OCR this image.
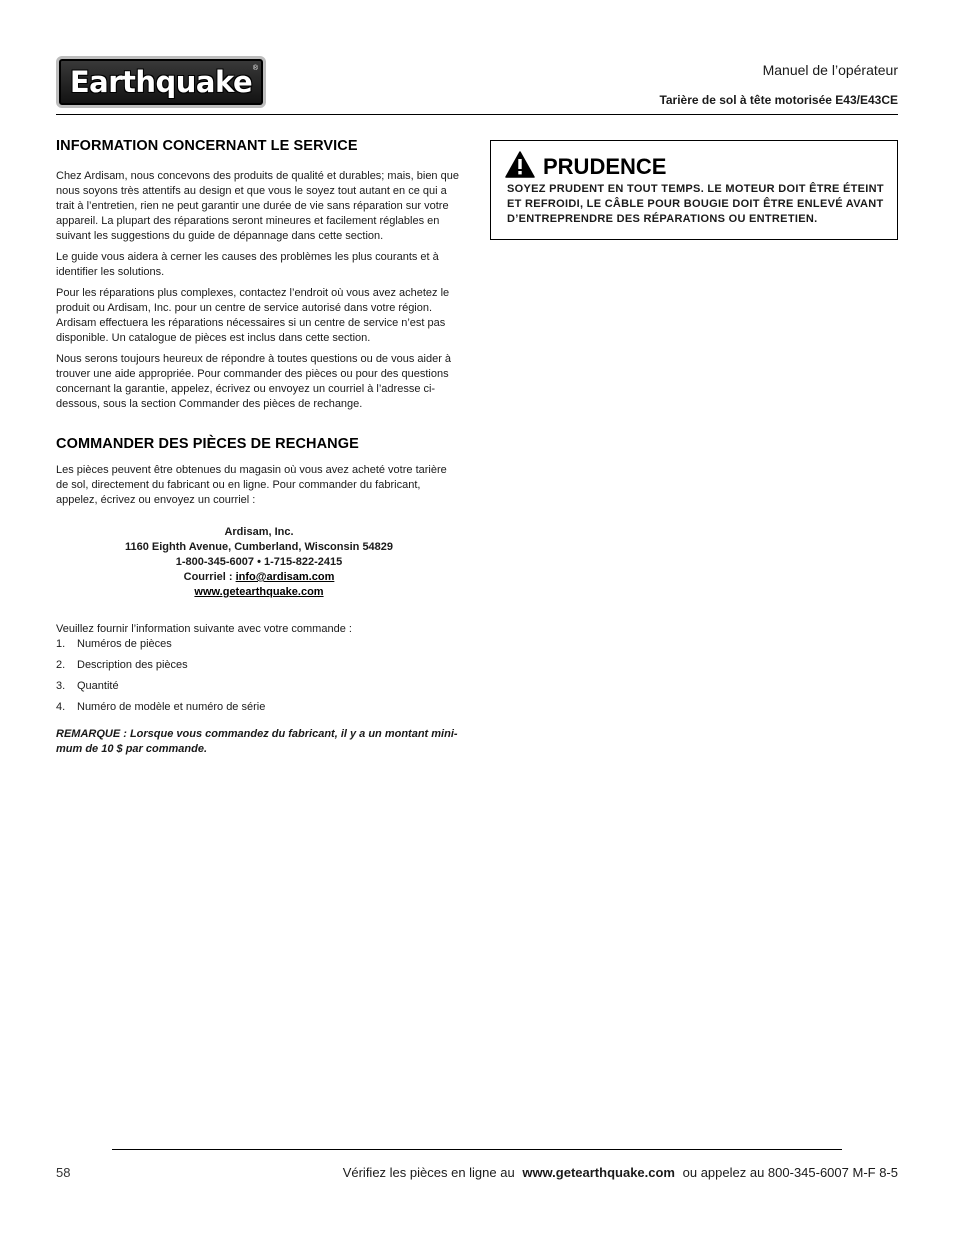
Earthquake ®	Manuel de l’opérateur
Tarière de sol à tête motorisée E43/E43CE
INFORMATION CONCERNANT LE SERVICE

Chez Ardisam, nous concevons des produits de qualité et durables; mais, bien que nous soyons très attentifs au design et que vous le soyez tout autant en ce qui a trait à l’entretien, rien ne peut garantir une durée de vie sans réparation sur votre appareil. La plupart des réparations seront mineures et facilement réglables en suivant les suggestions du guide de dépannage dans cette section.

Le guide vous aidera à cerner les causes des problèmes les plus courants et à identifier les solutions.

Pour les réparations plus complexes, contactez l’endroit où vous avez achetez le produit ou Ardisam, Inc. pour un centre de service autorisé dans votre région. Ardisam effectuera les réparations nécessaires si un centre de service n’est pas disponible. Un catalogue de pièces est inclus dans cette section.

Nous serons toujours heureux de répondre à toutes questions ou de vous aider à trouver une aide appropriée. Pour commander des pièces ou pour des questions concernant la garantie, appelez, écrivez ou envoyez un courriel à l’adresse ci-dessous, sous la section Commander des pièces de rechange.

COMMANDER DES PIÈCES DE RECHANGE

Les pièces peuvent être obtenues du magasin où vous avez acheté votre tarière de sol, directement du fabricant ou en ligne. Pour commander du fabricant, appelez, écrivez ou envoyez un courriel :

Ardisam, Inc.
1160 Eighth Avenue, Cumberland, Wisconsin 54829
1-800-345-6007 • 1-715-822-2415
Courriel : info@ardisam.com
www.getearthquake.com

Veuillez fournir l’information suivante avec votre commande :

1.	Numéros de pièces
2.	Description des pièces
3.	Quantité
4.	Numéro de modèle et numéro de série
REMARQUE : Lorsque vous commandez du fabricant, il y a un montant mini-mum de 10 $ par commande.
PRUDENCE
SOYEZ PRUDENT EN TOUT TEMPS. LE MOTEUR DOIT ÊTRE ÉTEINT ET REFROIDI, LE CÂBLE POUR BOUGIE DOIT ÊTRE ENLEVÉ AVANT D’ENTREPRENDRE DES RÉPARATIONS OU ENTRETIEN.
58	Vérifiez les pièces en ligne au www.getearthquake.com ou appelez au 800-345-6007 M-F 8-5
